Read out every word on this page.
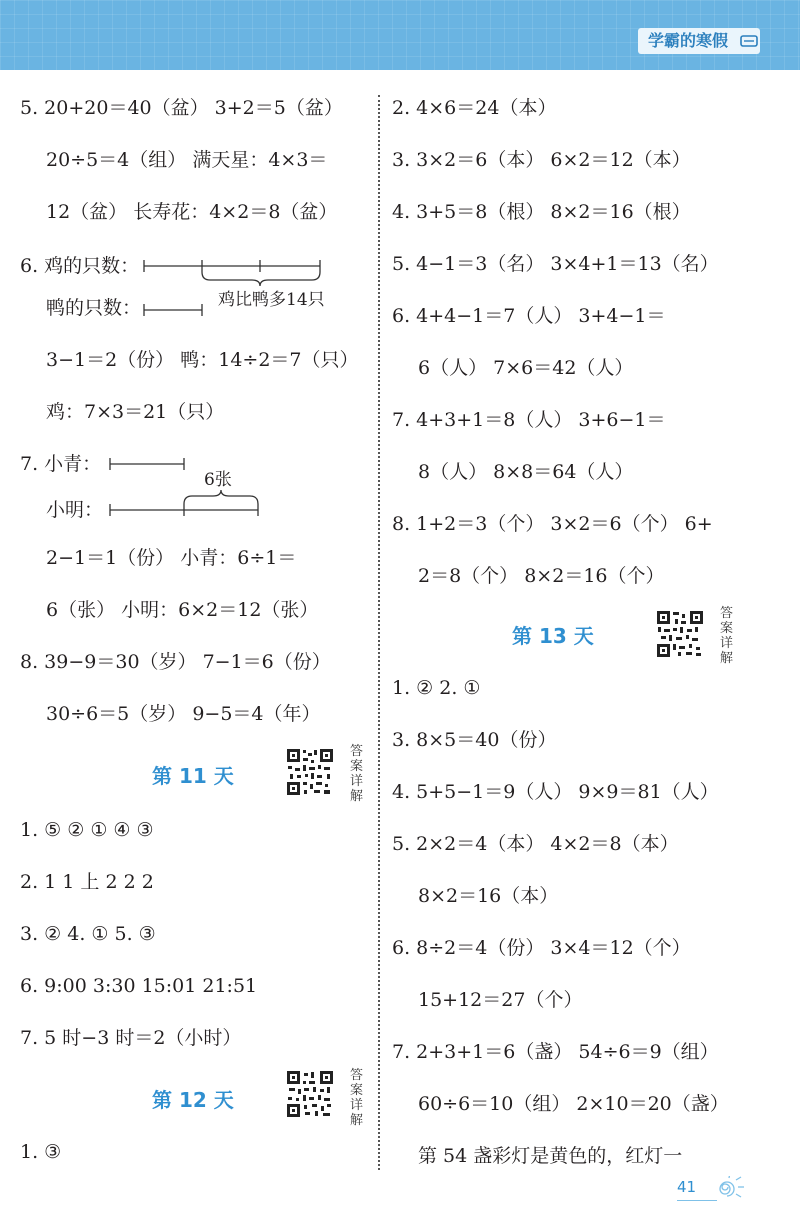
学霸的寒假
5. 20+20＝40（盆） 3+2＝5（盆）
20÷5＝4（组） 满天星：4×3＝
12（盆） 长寿花：4×2＝8（盆）
6. 鸡的只数：
鸭的只数：	鸡比鸭多14只
3−1＝2（份） 鸭：14÷2＝7（只）
鸡：7×3＝21（只）
7. 小青：
小明：
6张
2−1＝1（份） 小青：6÷1＝
6（张） 小明：6×2＝12（张）
8. 39−9＝30（岁） 7−1＝6（份）
30÷6＝5（岁） 9−5＝4（年）
第 11 天
答案详解
1. ⑤ ② ① ④ ③
2. 1 1 上 2 2 2
3. ② 4. ① 5. ③
6. 9:00 3:30 15:01 21:51
7. 5 时−3 时＝2（小时）
第 12 天
答案详解
1. ③
2. 4×6＝24（本）
3. 3×2＝6（本） 6×2＝12（本）
4. 3+5＝8（根） 8×2＝16（根）
5. 4−1＝3（名） 3×4+1＝13（名）
6. 4+4−1＝7（人） 3+4−1＝
6（人） 7×6＝42（人）
7. 4+3+1＝8（人） 3+6−1＝
8（人） 8×8＝64（人）
8. 1+2＝3（个） 3×2＝6（个） 6+
2＝8（个） 8×2＝16（个）
第 13 天
答案详解
1. ② 2. ①
3. 8×5＝40（份）
4. 5+5−1＝9（人） 9×9＝81（人）
5. 2×2＝4（本） 4×2＝8（本）
8×2＝16（本）
6. 8÷2＝4（份） 3×4＝12（个）
15+12＝27（个）
7. 2+3+1＝6（盏） 54÷6＝9（组）
60÷6＝10（组） 2×10＝20（盏）
第 54 盏彩灯是黄色的，红灯一
41
